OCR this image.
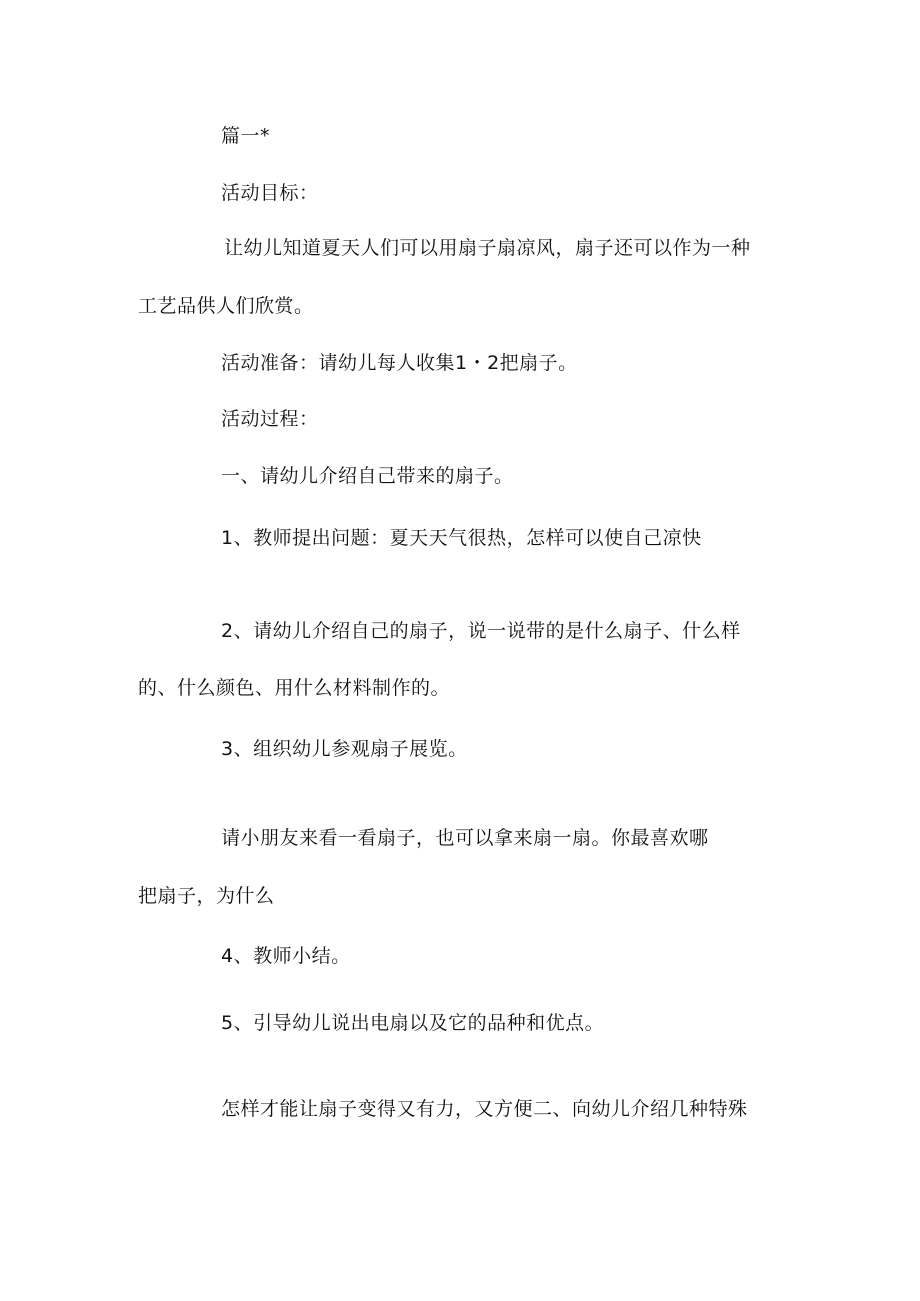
篇一*
活动目标：
让幼儿知道夏天人们可以用扇子扇凉风，扇子还可以作为一种
工艺品供人们欣赏。
活动准备：请幼儿每人收集1・2把扇子。
活动过程：
一、请幼儿介绍自己带来的扇子。
1、教师提出问题：夏天天气很热，怎样可以使自己凉快
2、请幼儿介绍自己的扇子，说一说带的是什么扇子、什么样
的、什么颜色、用什么材料制作的。
3、组织幼儿参观扇子展览。
请小朋友来看一看扇子，也可以拿来扇一扇。你最喜欢哪
把扇子，为什么
4、教师小结。
5、引导幼儿说出电扇以及它的品种和优点。
怎样才能让扇子变得又有力，又方便二、向幼儿介绍几种特殊
